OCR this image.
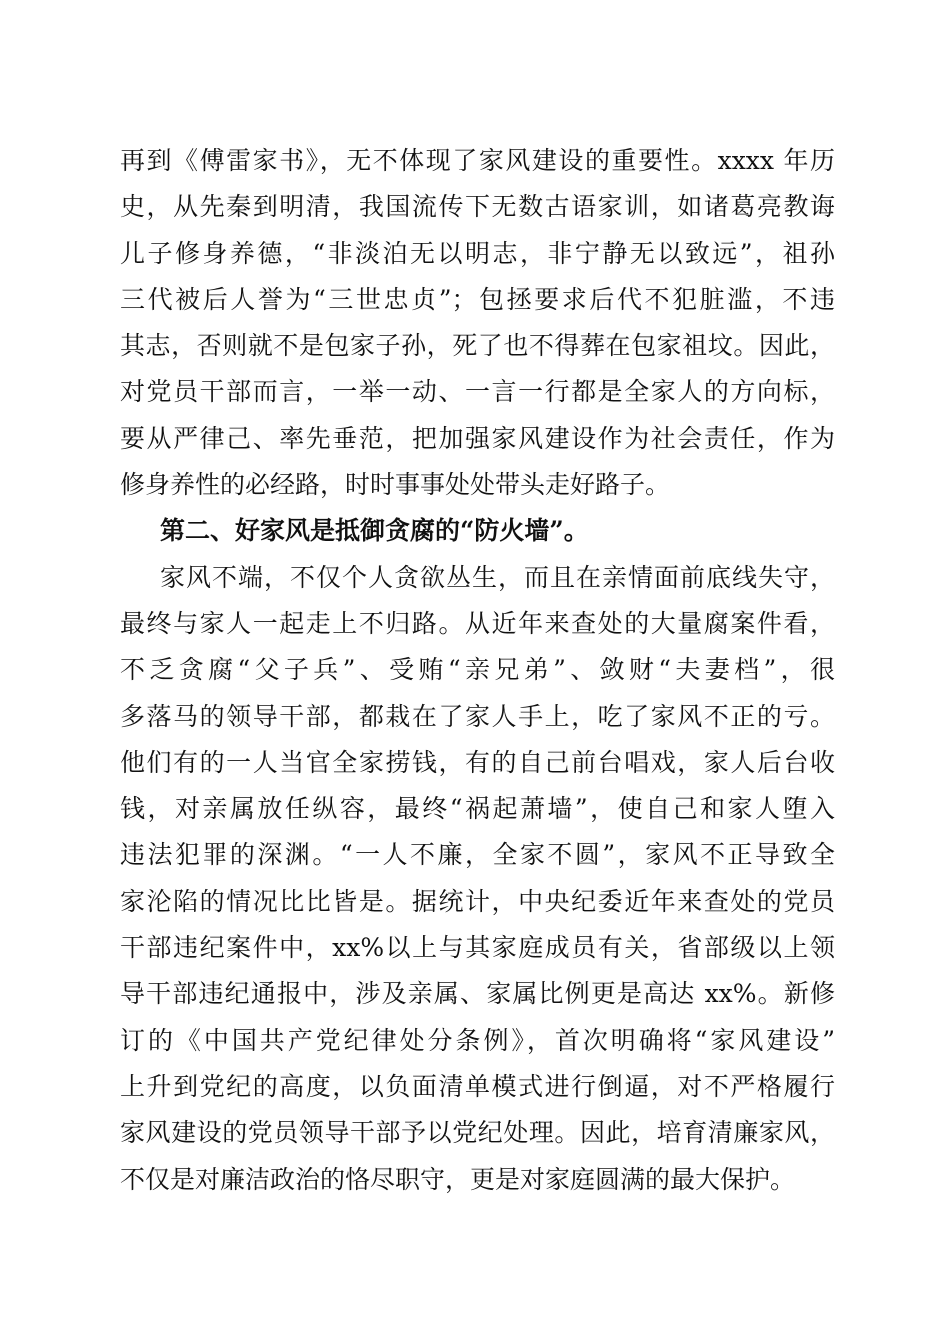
再到《傅雷家书》，无不体现了家风建设的重要性。xxxx 年历
史，从先秦到明清，我国流传下无数古语家训，如诸葛亮教诲
儿子修身养德，“非淡泊无以明志，非宁静无以致远”，祖孙
三代被后人誉为“三世忠贞”；包拯要求后代不犯脏滥，不违
其志，否则就不是包家子孙，死了也不得葬在包家祖坟。因此，
对党员干部而言，一举一动、一言一行都是全家人的方向标，
要从严律己、率先垂范，把加强家风建设作为社会责任，作为
修身养性的必经路，时时事事处处带头走好路子。
第二、好家风是抵御贪腐的“防火墙”。
家风不端，不仅个人贪欲丛生，而且在亲情面前底线失守，
最终与家人一起走上不归路。从近年来查处的大量腐案件看，
不乏贪腐“父子兵”、受贿“亲兄弟”、敛财“夫妻档”，很
多落马的领导干部，都栽在了家人手上，吃了家风不正的亏。
他们有的一人当官全家捞钱，有的自己前台唱戏，家人后台收
钱，对亲属放任纵容，最终“祸起萧墙”，使自己和家人堕入
违法犯罪的深渊。“一人不廉，全家不圆”，家风不正导致全
家沦陷的情况比比皆是。据统计，中央纪委近年来查处的党员
干部违纪案件中，xx%以上与其家庭成员有关，省部级以上领
导干部违纪通报中，涉及亲属、家属比例更是高达 xx%。新修
订的《中国共产党纪律处分条例》，首次明确将“家风建设”
上升到党纪的高度，以负面清单模式进行倒逼，对不严格履行
家风建设的党员领导干部予以党纪处理。因此，培育清廉家风，
不仅是对廉洁政治的恪尽职守，更是对家庭圆满的最大保护。
